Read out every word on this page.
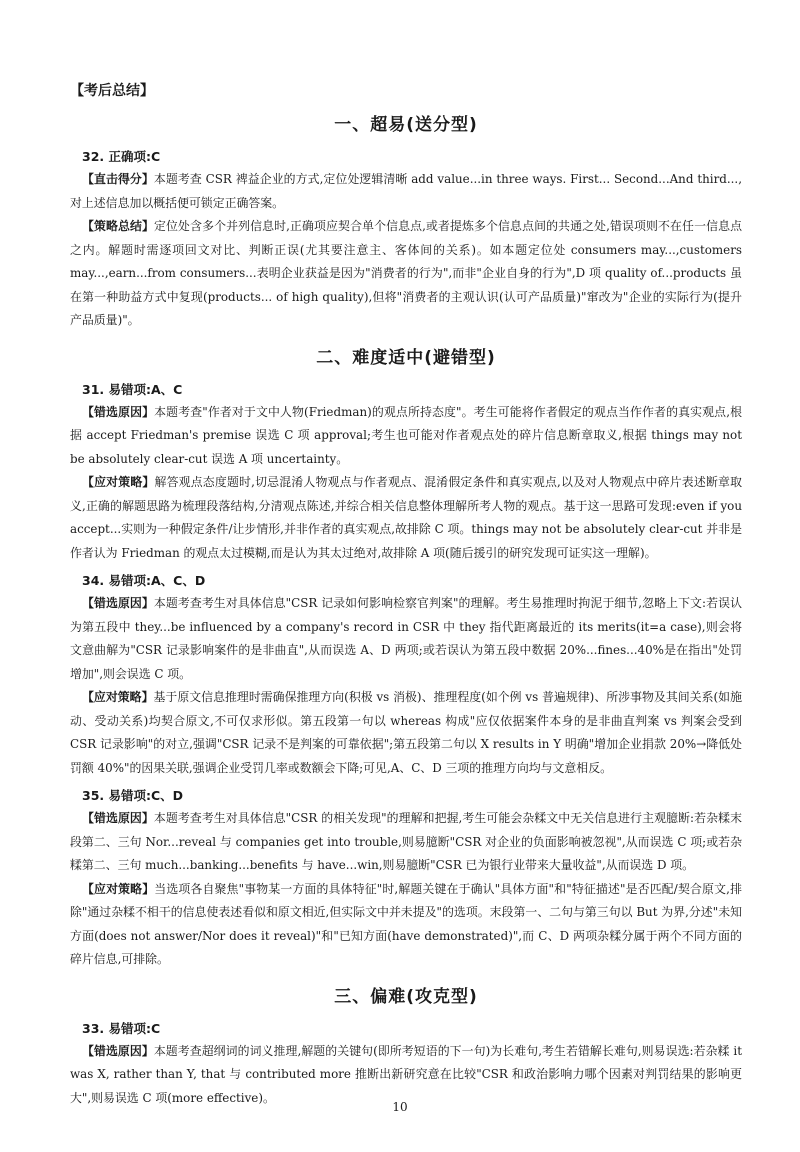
【考后总结】
一、超易(送分型)
32. 正确项:C

【直击得分】本题考查 CSR 裨益企业的方式,定位处逻辑清晰 add value...in three ways. First... Second...And third...,对上述信息加以概括便可锁定正确答案。

【策略总结】定位处含多个并列信息时,正确项应契合单个信息点,或者提炼多个信息点间的共通之处,错误项则不在任一信息点之内。解题时需逐项回文对比、判断正误(尤其要注意主、客体间的关系)。如本题定位处 consumers may...,customers may...,earn...from consumers...表明企业获益是因为"消费者的行为",而非"企业自身的行为",D 项 quality of...products 虽在第一种助益方式中复现(products... of high quality),但将"消费者的主观认识(认可产品质量)"窜改为"企业的实际行为(提升产品质量)"。

二、难度适中(避错型)
31. 易错项:A、C

【错选原因】本题考查"作者对于文中人物(Friedman)的观点所持态度"。考生可能将作者假定的观点当作作者的真实观点,根据 accept Friedman's premise 误选 C 项 approval;考生也可能对作者观点处的碎片信息断章取义,根据 things may not be absolutely clear-cut 误选 A 项 uncertainty。

【应对策略】解答观点态度题时,切忌混淆人物观点与作者观点、混淆假定条件和真实观点,以及对人物观点中碎片表述断章取义,正确的解题思路为梳理段落结构,分清观点陈述,并综合相关信息整体理解所考人物的观点。基于这一思路可发现:even if you accept...实则为一种假定条件/让步情形,并非作者的真实观点,故排除 C 项。things may not be absolutely clear-cut 并非是作者认为 Friedman 的观点太过模糊,而是认为其太过绝对,故排除 A 项(随后援引的研究发现可证实这一理解)。

34. 易错项:A、C、D

【错选原因】本题考查考生对具体信息"CSR 记录如何影响检察官判案"的理解。考生易推理时拘泥于细节,忽略上下文:若误认为第五段中 they...be influenced by a company's record in CSR 中 they 指代距离最近的 its merits(it=a case),则会将文意曲解为"CSR 记录影响案件的是非曲直",从而误选 A、D 两项;或若误认为第五段中数据 20%...fines...40%是在指出"处罚增加",则会误选 C 项。

【应对策略】基于原文信息推理时需确保推理方向(积极 vs 消极)、推理程度(如个例 vs 普遍规律)、所涉事物及其间关系(如施动、受动关系)均契合原文,不可仅求形似。第五段第一句以 whereas 构成"应仅依据案件本身的是非曲直判案 vs 判案会受到 CSR 记录影响"的对立,强调"CSR 记录不是判案的可靠依据";第五段第二句以 X results in Y 明确"增加企业捐款 20%→降低处罚额 40%"的因果关联,强调企业受罚几率或数额会下降;可见,A、C、D 三项的推理方向均与文意相反。

35. 易错项:C、D

【错选原因】本题考查考生对具体信息"CSR 的相关发现"的理解和把握,考生可能会杂糅文中无关信息进行主观臆断:若杂糅末段第二、三句 Nor...reveal 与 companies get into trouble,则易臆断"CSR 对企业的负面影响被忽视",从而误选 C 项;或若杂糅第二、三句 much...banking...benefits 与 have...win,则易臆断"CSR 已为银行业带来大量收益",从而误选 D 项。

【应对策略】当选项各自聚焦"事物某一方面的具体特征"时,解题关键在于确认"具体方面"和"特征描述"是否匹配/契合原文,排除"通过杂糅不相干的信息使表述看似和原文相近,但实际文中并未提及"的选项。末段第一、二句与第三句以 But 为界,分述"未知方面(does not answer/Nor does it reveal)"和"已知方面(have demonstrated)",而 C、D 两项杂糅分属于两个不同方面的碎片信息,可排除。

三、偏难(攻克型)
33. 易错项:C

【错选原因】本题考查超纲词的词义推理,解题的关键句(即所考短语的下一句)为长难句,考生若错解长难句,则易误选:若杂糅 it was X, rather than Y, that 与 contributed more 推断出新研究意在比较"CSR 和政治影响力哪个因素对判罚结果的影响更大",则易误选 C 项(more effective)。

10
